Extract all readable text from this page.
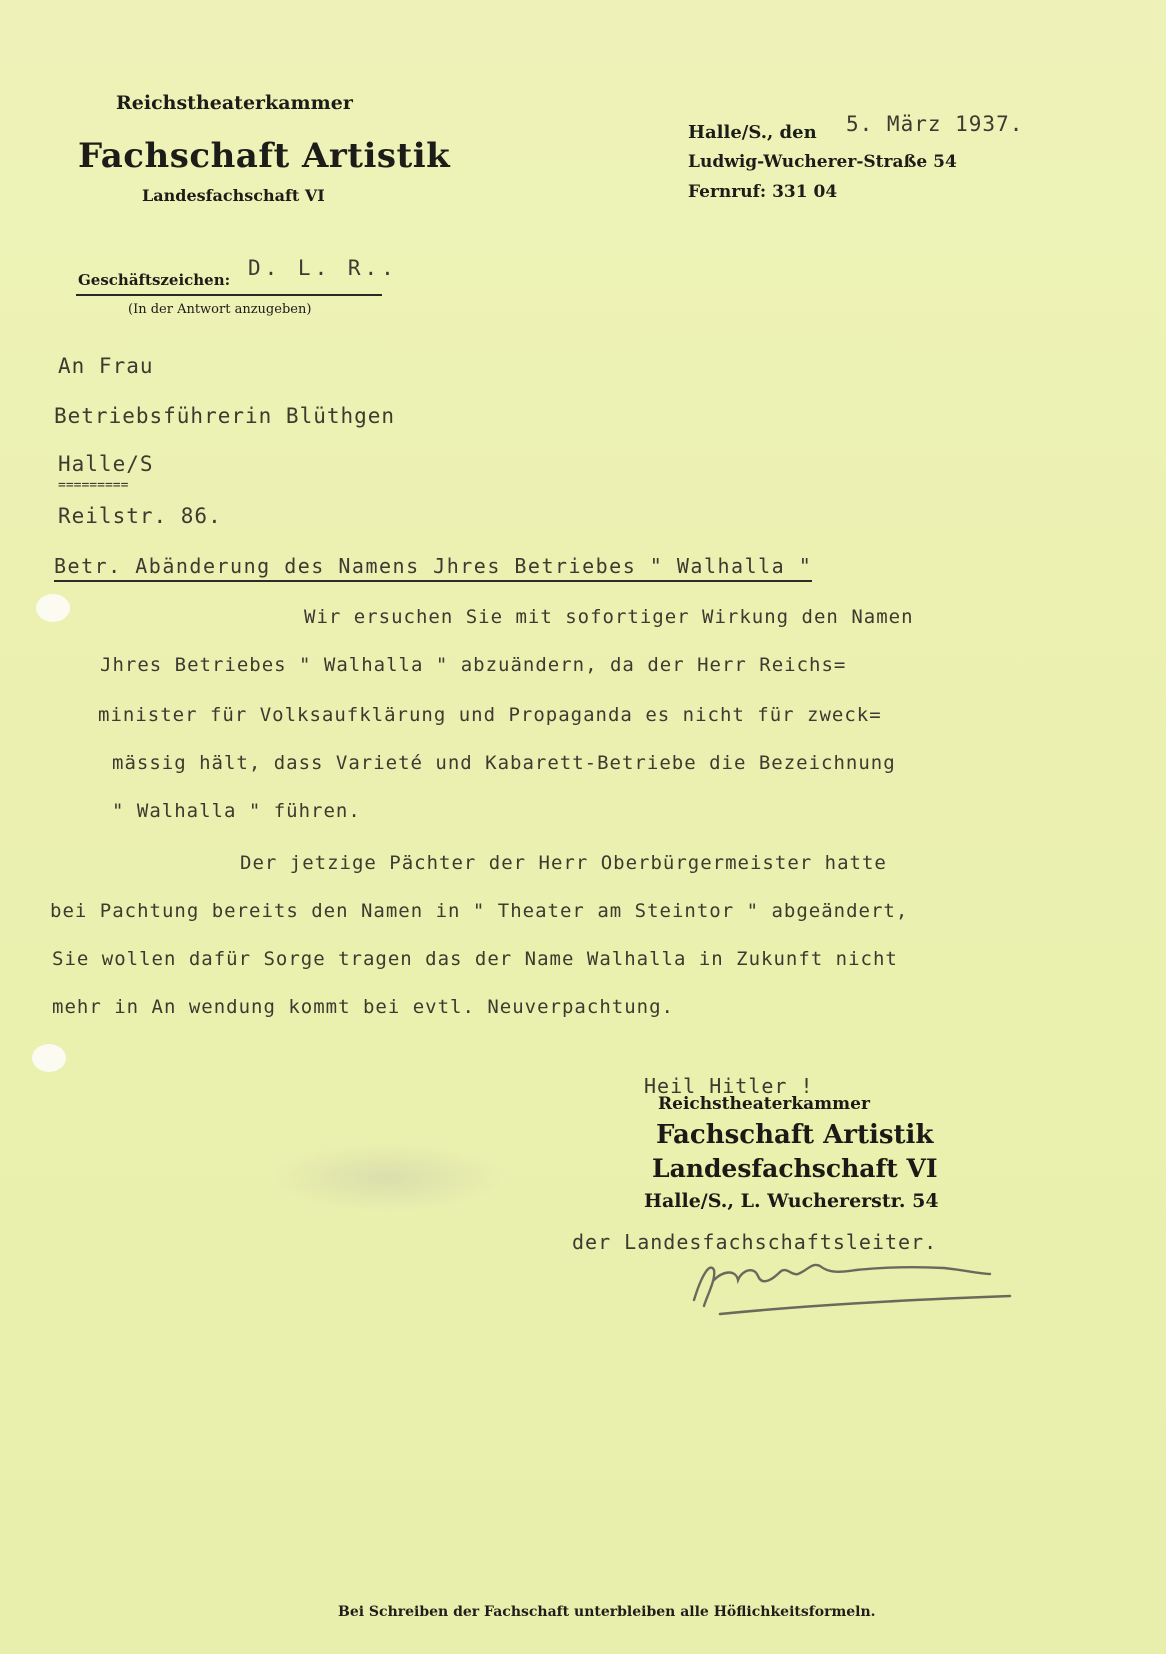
Reichstheaterkammer
Fachschaft Artistik
Landesfachschaft VI
Halle/S., den 5. März 1937.
Ludwig-Wucherer-Straße 54
Fernruf: 331 04
Geschäftszeichen: D. L. R..
(In der Antwort anzugeben)
An Frau
Betriebsführerin Blüthgen
Halle/S
=========
Reilstr. 86.
Betr. Abänderung des Namens Jhres Betriebes " Walhalla "
Wir ersuchen Sie mit sofortiger Wirkung den Namen
Jhres Betriebes " Walhalla " abzuändern, da der Herr Reichs=
minister für Volksaufklärung und Propaganda es nicht für zweck=
mässig hält, dass Varieté und Kabarett-Betriebe die Bezeichnung
" Walhalla " führen.
Der jetzige Pächter der Herr Oberbürgermeister hatte
bei Pachtung bereits den Namen in " Theater am Steintor " abgeändert,
Sie wollen dafür Sorge tragen das der Name Walhalla in Zukunft nicht
mehr in An wendung kommt bei evtl. Neuverpachtung.
Heil Hitler !
Reichstheaterkammer
Fachschaft Artistik
Landesfachschaft VI
Halle/S., L. Wuchererstr. 54
der Landesfachschaftsleiter.
Bei Schreiben der Fachschaft unterbleiben alle Höflichkeitsformeln.
